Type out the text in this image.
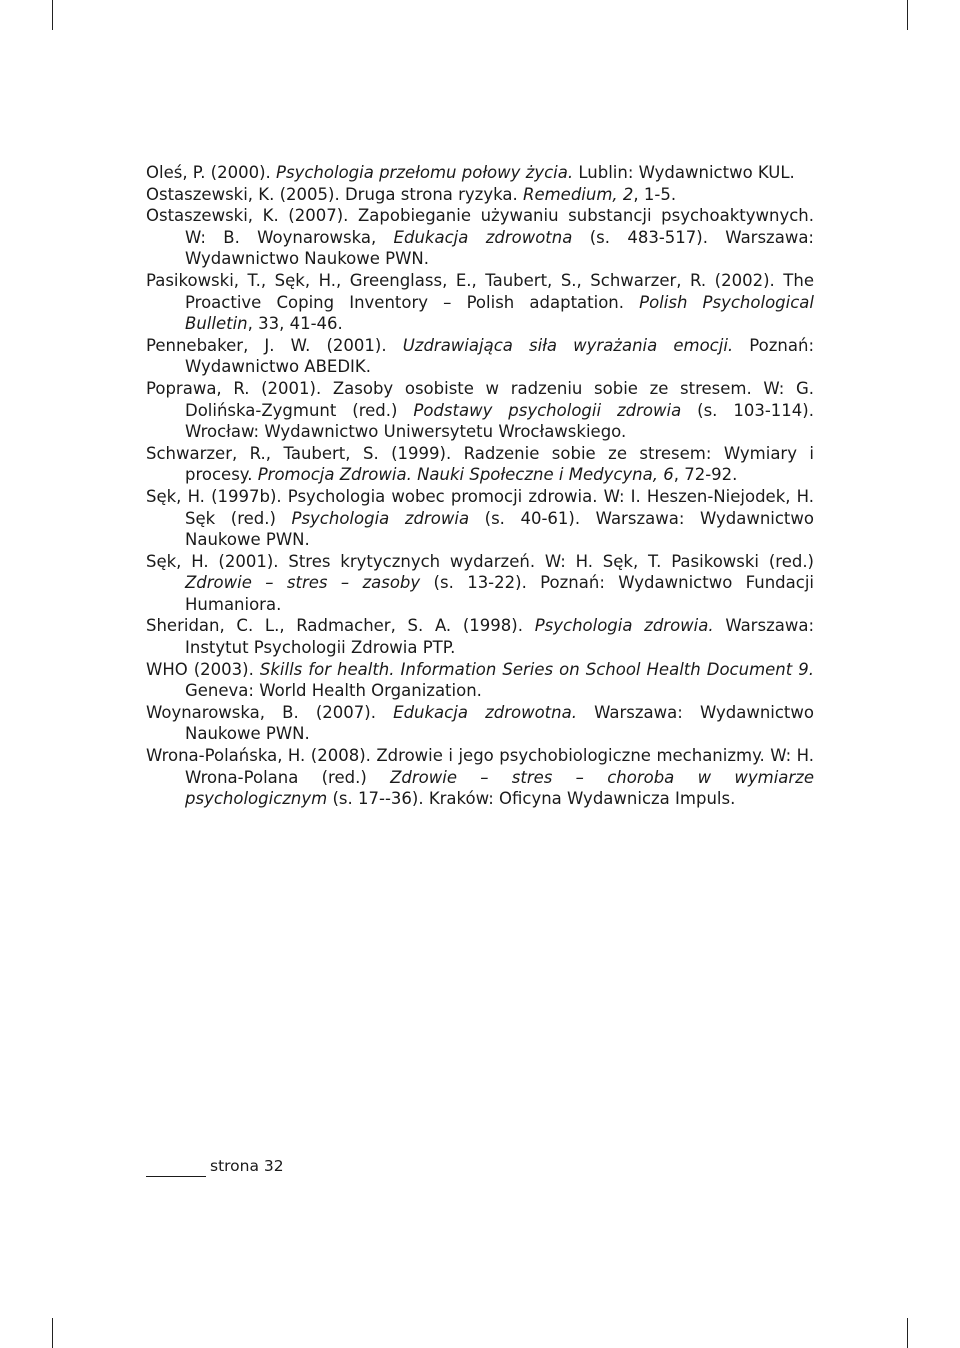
Oleś, P. (2000). Psychologia przełomu połowy życia. Lublin: Wydawnictwo KUL.

Ostaszewski, K. (2005). Druga strona ryzyka. Remedium, 2, 1-5.

Ostaszewski, K. (2007). Zapobieganie używaniu substancji psychoaktywnych. W: B. Woynarowska, Edukacja zdrowotna (s. 483-517). Warszawa: Wydawnictwo Naukowe PWN.

Pasikowski, T., Sęk, H., Greenglass, E., Taubert, S., Schwarzer, R. (2002). The Proactive Coping Inventory – Polish adaptation. Polish Psychological Bulletin, 33, 41-46.

Pennebaker, J. W. (2001). Uzdrawiająca siła wyrażania emocji. Poznań: Wydawnictwo ABEDIK.

Poprawa, R. (2001). Zasoby osobiste w radzeniu sobie ze stresem. W: G. Dolińska-Zygmunt (red.) Podstawy psychologii zdrowia (s. 103-114). Wrocław: Wydawnictwo Uniwersytetu Wrocławskiego.

Schwarzer, R., Taubert, S. (1999). Radzenie sobie ze stresem: Wymiary i procesy. Promocja Zdrowia. Nauki Społeczne i Medycyna, 6, 72-92.

Sęk, H. (1997b). Psychologia wobec promocji zdrowia. W: I. Heszen-Niejodek, H. Sęk (red.) Psychologia zdrowia (s. 40-61). Warszawa: Wydawnictwo Naukowe PWN.

Sęk, H. (2001). Stres krytycznych wydarzeń. W: H. Sęk, T. Pasikowski (red.) Zdrowie – stres – zasoby (s. 13-22). Poznań: Wydawnictwo Fundacji Humaniora.

Sheridan, C. L., Radmacher, S. A. (1998). Psychologia zdrowia. Warszawa: Instytut Psychologii Zdrowia PTP.

WHO (2003). Skills for health. Information Series on School Health Document 9. Geneva: World Health Organization.

Woynarowska, B. (2007). Edukacja zdrowotna. Warszawa: Wydawnictwo Naukowe PWN.

Wrona-Polańska, H. (2008). Zdrowie i jego psychobiologiczne mechanizmy. W: H. Wrona-Polana (red.) Zdrowie – stres – choroba w wymiarze psychologicznym (s. 17--36). Kraków: Oficyna Wydawnicza Impuls.

strona 32
